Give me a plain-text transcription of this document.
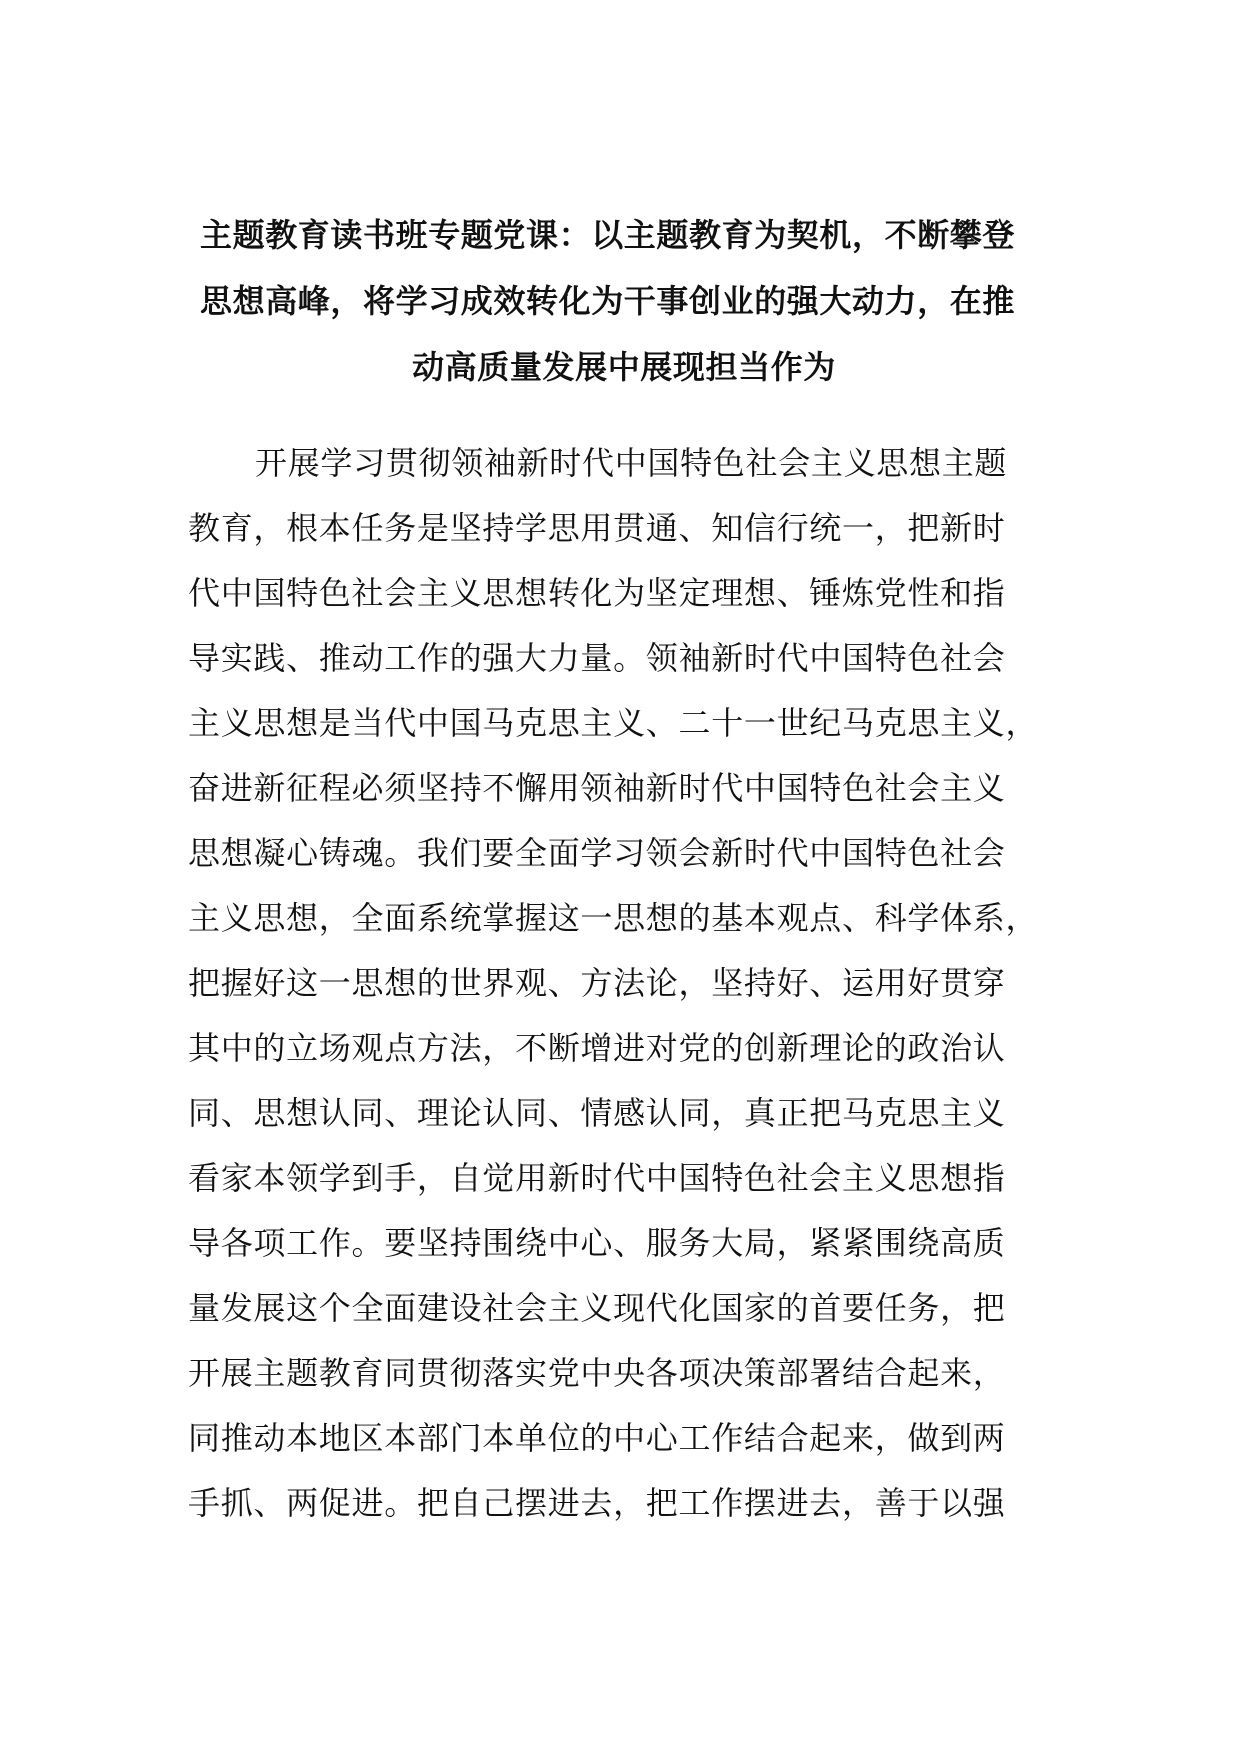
主题教育读书班专题党课：以主题教育为契机，不断攀登
思想高峰，将学习成效转化为干事创业的强大动力，在推
动高质量发展中展现担当作为
开展学习贯彻领袖新时代中国特色社会主义思想主题
教育，根本任务是坚持学思用贯通、知信行统一，把新时
代中国特色社会主义思想转化为坚定理想、锤炼党性和指
导实践、推动工作的强大力量。领袖新时代中国特色社会
主义思想是当代中国马克思主义、二十一世纪马克思主义，
奋进新征程必须坚持不懈用领袖新时代中国特色社会主义
思想凝心铸魂。我们要全面学习领会新时代中国特色社会
主义思想，全面系统掌握这一思想的基本观点、科学体系，
把握好这一思想的世界观、方法论，坚持好、运用好贯穿
其中的立场观点方法，不断增进对党的创新理论的政治认
同、思想认同、理论认同、情感认同，真正把马克思主义
看家本领学到手，自觉用新时代中国特色社会主义思想指
导各项工作。要坚持围绕中心、服务大局，紧紧围绕高质
量发展这个全面建设社会主义现代化国家的首要任务，把
开展主题教育同贯彻落实党中央各项决策部署结合起来，
同推动本地区本部门本单位的中心工作结合起来，做到两
手抓、两促进。把自己摆进去，把工作摆进去，善于以强
